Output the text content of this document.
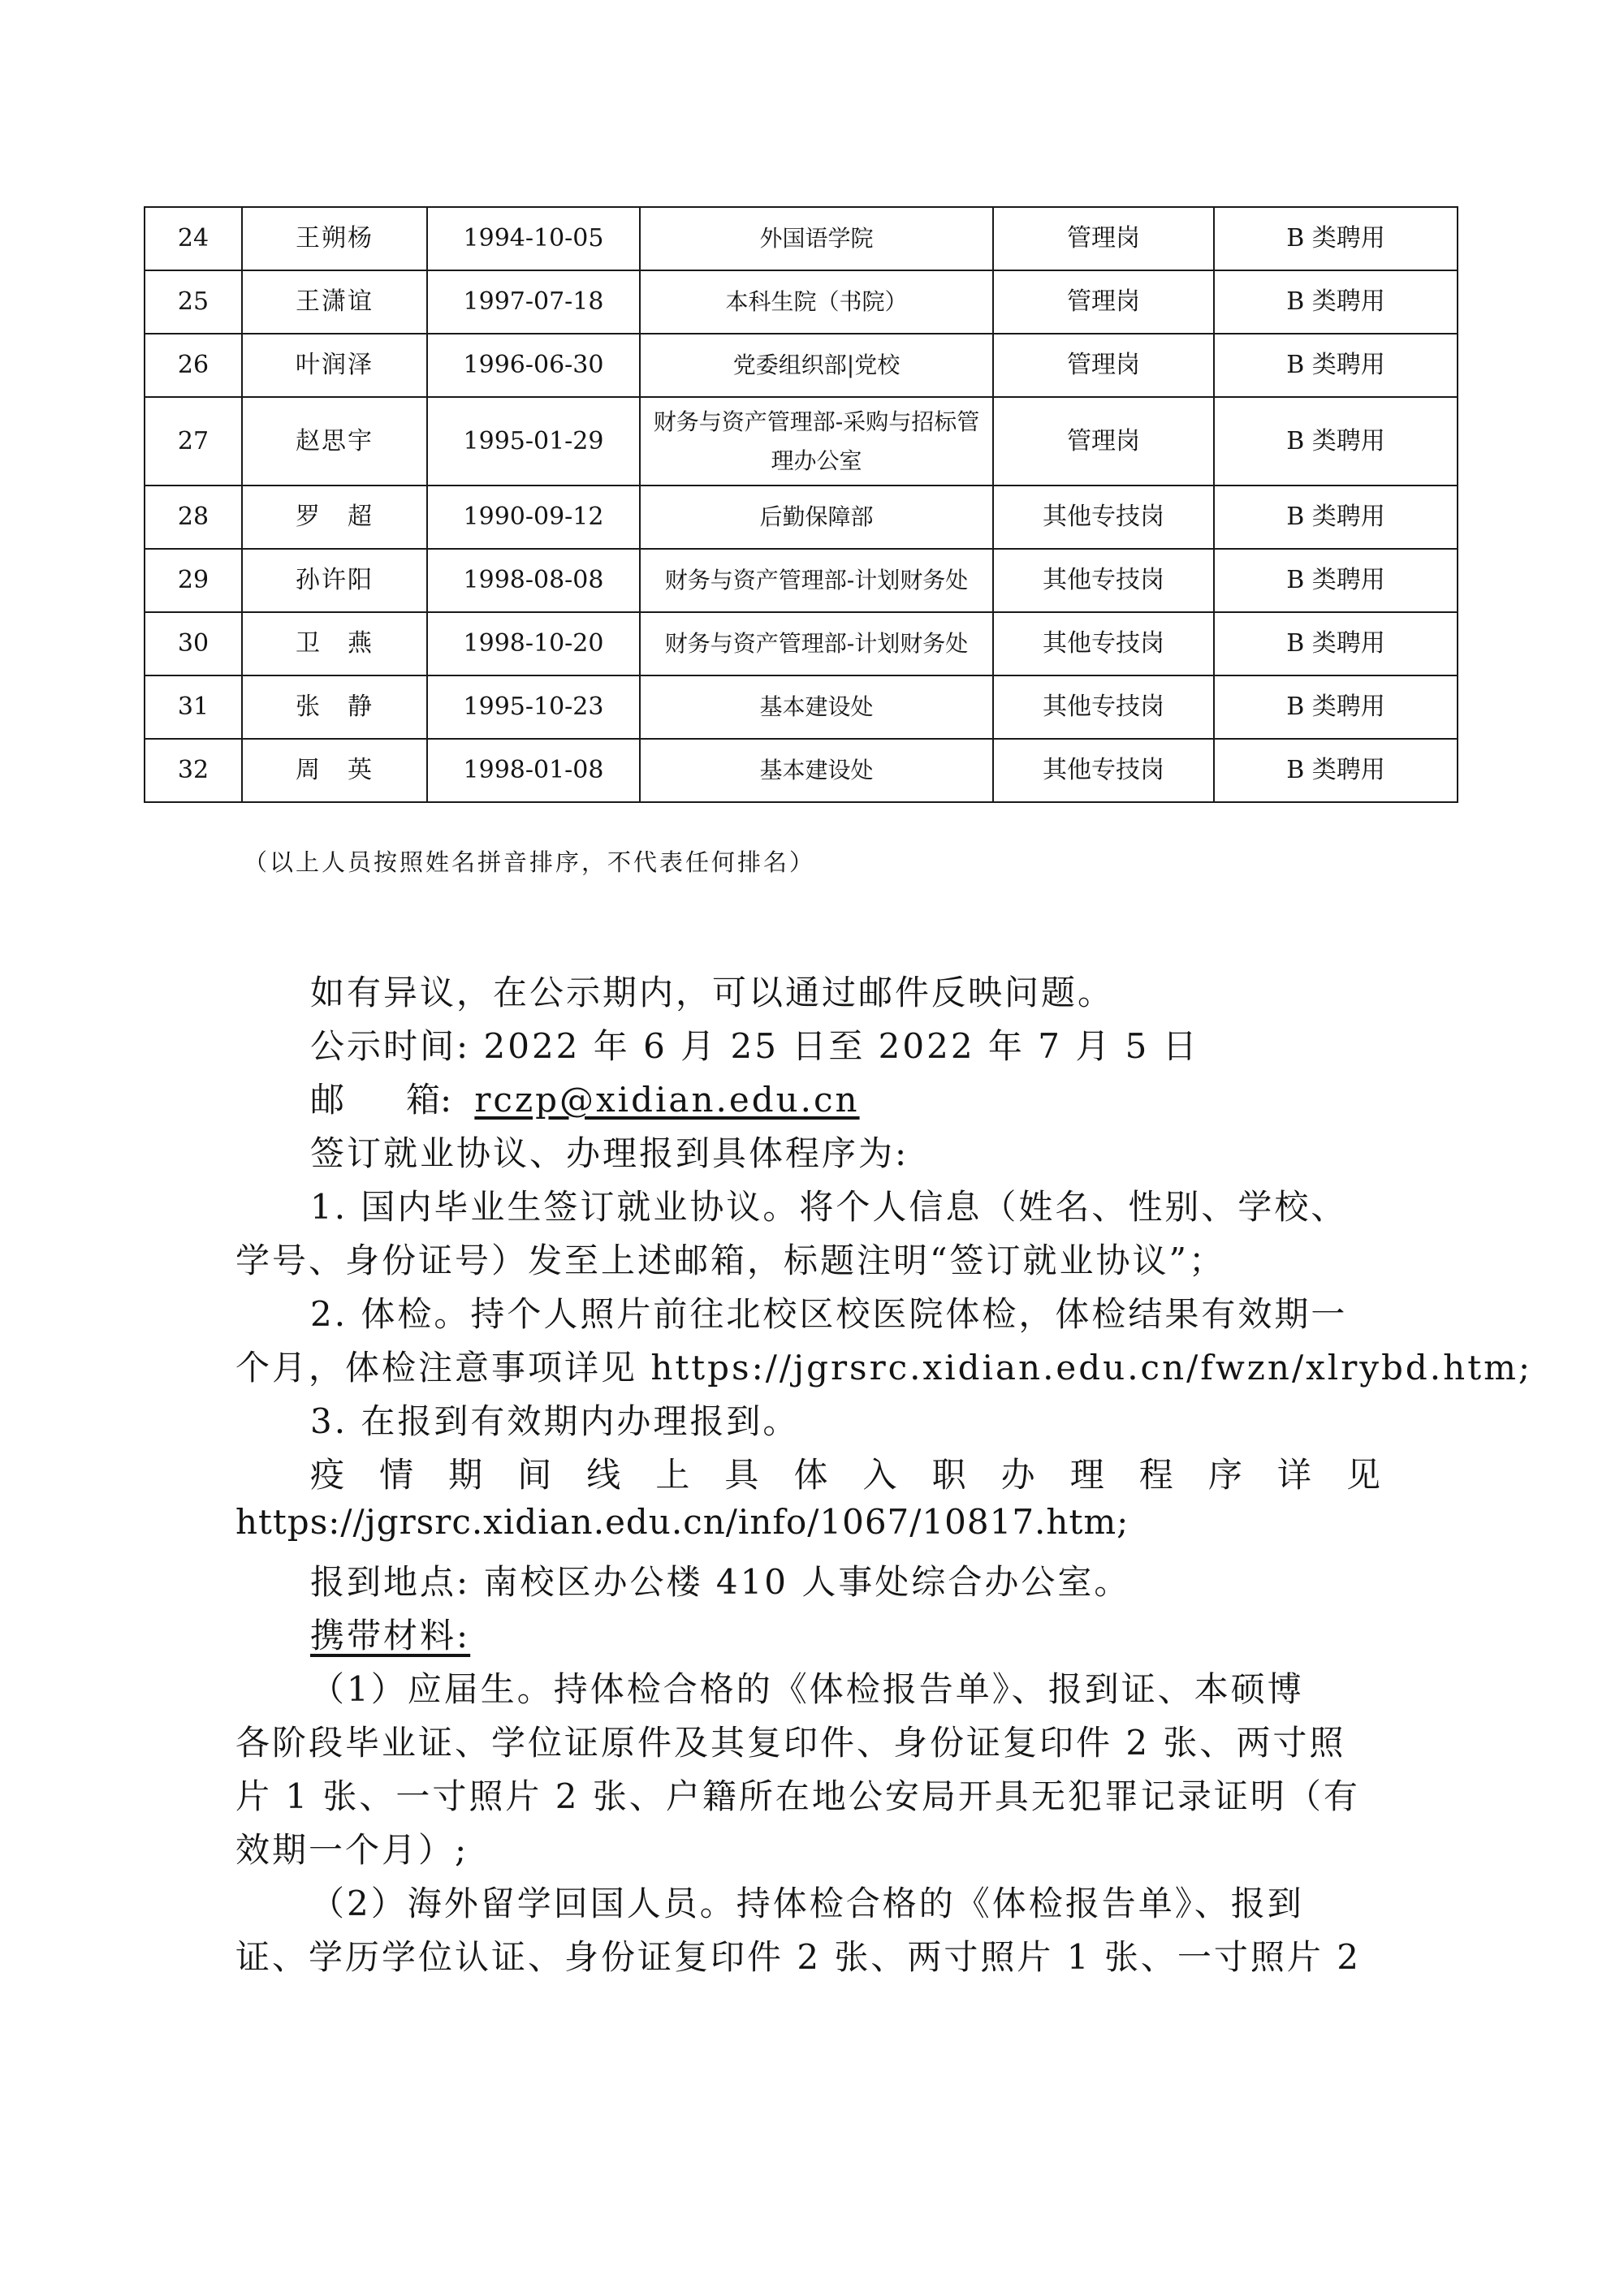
24	王朔杨	1994-10-05	外国语学院	管理岗	B 类聘用
25	王潇谊	1997-07-18	本科生院（书院）	管理岗	B 类聘用
26	叶润泽	1996-06-30	党委组织部|党校	管理岗	B 类聘用
27	赵思宇	1995-01-29	财务与资产管理部-采购与招标管理办公室	管理岗	B 类聘用
28	罗　超	1990-09-12	后勤保障部	其他专技岗	B 类聘用
29	孙许阳	1998-08-08	财务与资产管理部-计划财务处	其他专技岗	B 类聘用
30	卫　燕	1998-10-20	财务与资产管理部-计划财务处	其他专技岗	B 类聘用
31	张　静	1995-10-23	基本建设处	其他专技岗	B 类聘用
32	周　英	1998-01-08	基本建设处	其他专技岗	B 类聘用
（以上人员按照姓名拼音排序，不代表任何排名）
如有异议，在公示期内，可以通过邮件反映问题。
公示时间: 2022 年 6 月 25 日至 2022 年 7 月 5 日
邮 箱: rczp@xidian.edu.cn
签订就业协议、办理报到具体程序为:
1. 国内毕业生签订就业协议。将个人信息（姓名、性别、学校、
学号、身份证号）发至上述邮箱，标题注明“签订就业协议”；
2. 体检。持个人照片前往北校区校医院体检，体检结果有效期一
个月，体检注意事项详见 https://jgrsrc.xidian.edu.cn/fwzn/xlrybd.htm;
3. 在报到有效期内办理报到。
疫 情 期 间 线 上 具 体 入 职 办 理 程 序 详 见
https://jgrsrc.xidian.edu.cn/info/1067/10817.htm;
报到地点: 南校区办公楼 410 人事处综合办公室。
携带材料:
（1）应届生。持体检合格的《体检报告单》、报到证、本硕博
各阶段毕业证、学位证原件及其复印件、身份证复印件 2 张、两寸照
片 1 张、一寸照片 2 张、户籍所在地公安局开具无犯罪记录证明（有
效期一个月）;
（2）海外留学回国人员。持体检合格的《体检报告单》、报到
证、学历学位认证、身份证复印件 2 张、两寸照片 1 张、一寸照片 2
